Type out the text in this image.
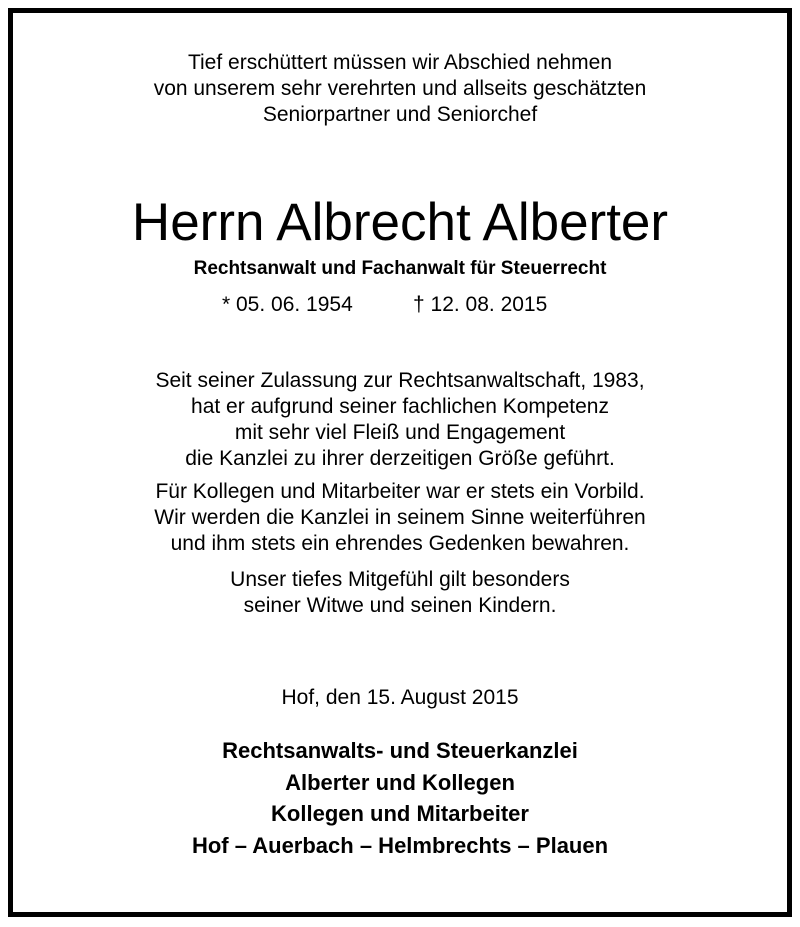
Tief erschüttert müssen wir Abschied nehmen
von unserem sehr verehrten und allseits geschätzten
Seniorpartner und Seniorchef
Herrn Albrecht Alberter
Rechtsanwalt und Fachanwalt für Steuerrecht
* 05. 06. 1954	† 12. 08. 2015
Seit seiner Zulassung zur Rechtsanwaltschaft, 1983,
hat er aufgrund seiner fachlichen Kompetenz
mit sehr viel Fleiß und Engagement
die Kanzlei zu ihrer derzeitigen Größe geführt.
Für Kollegen und Mitarbeiter war er stets ein Vorbild.
Wir werden die Kanzlei in seinem Sinne weiterführen
und ihm stets ein ehrendes Gedenken bewahren.
Unser tiefes Mitgefühl gilt besonders
seiner Witwe und seinen Kindern.
Hof, den 15. August 2015
Rechtsanwalts- und Steuerkanzlei
Alberter und Kollegen
Kollegen und Mitarbeiter
Hof – Auerbach – Helmbrechts – Plauen
